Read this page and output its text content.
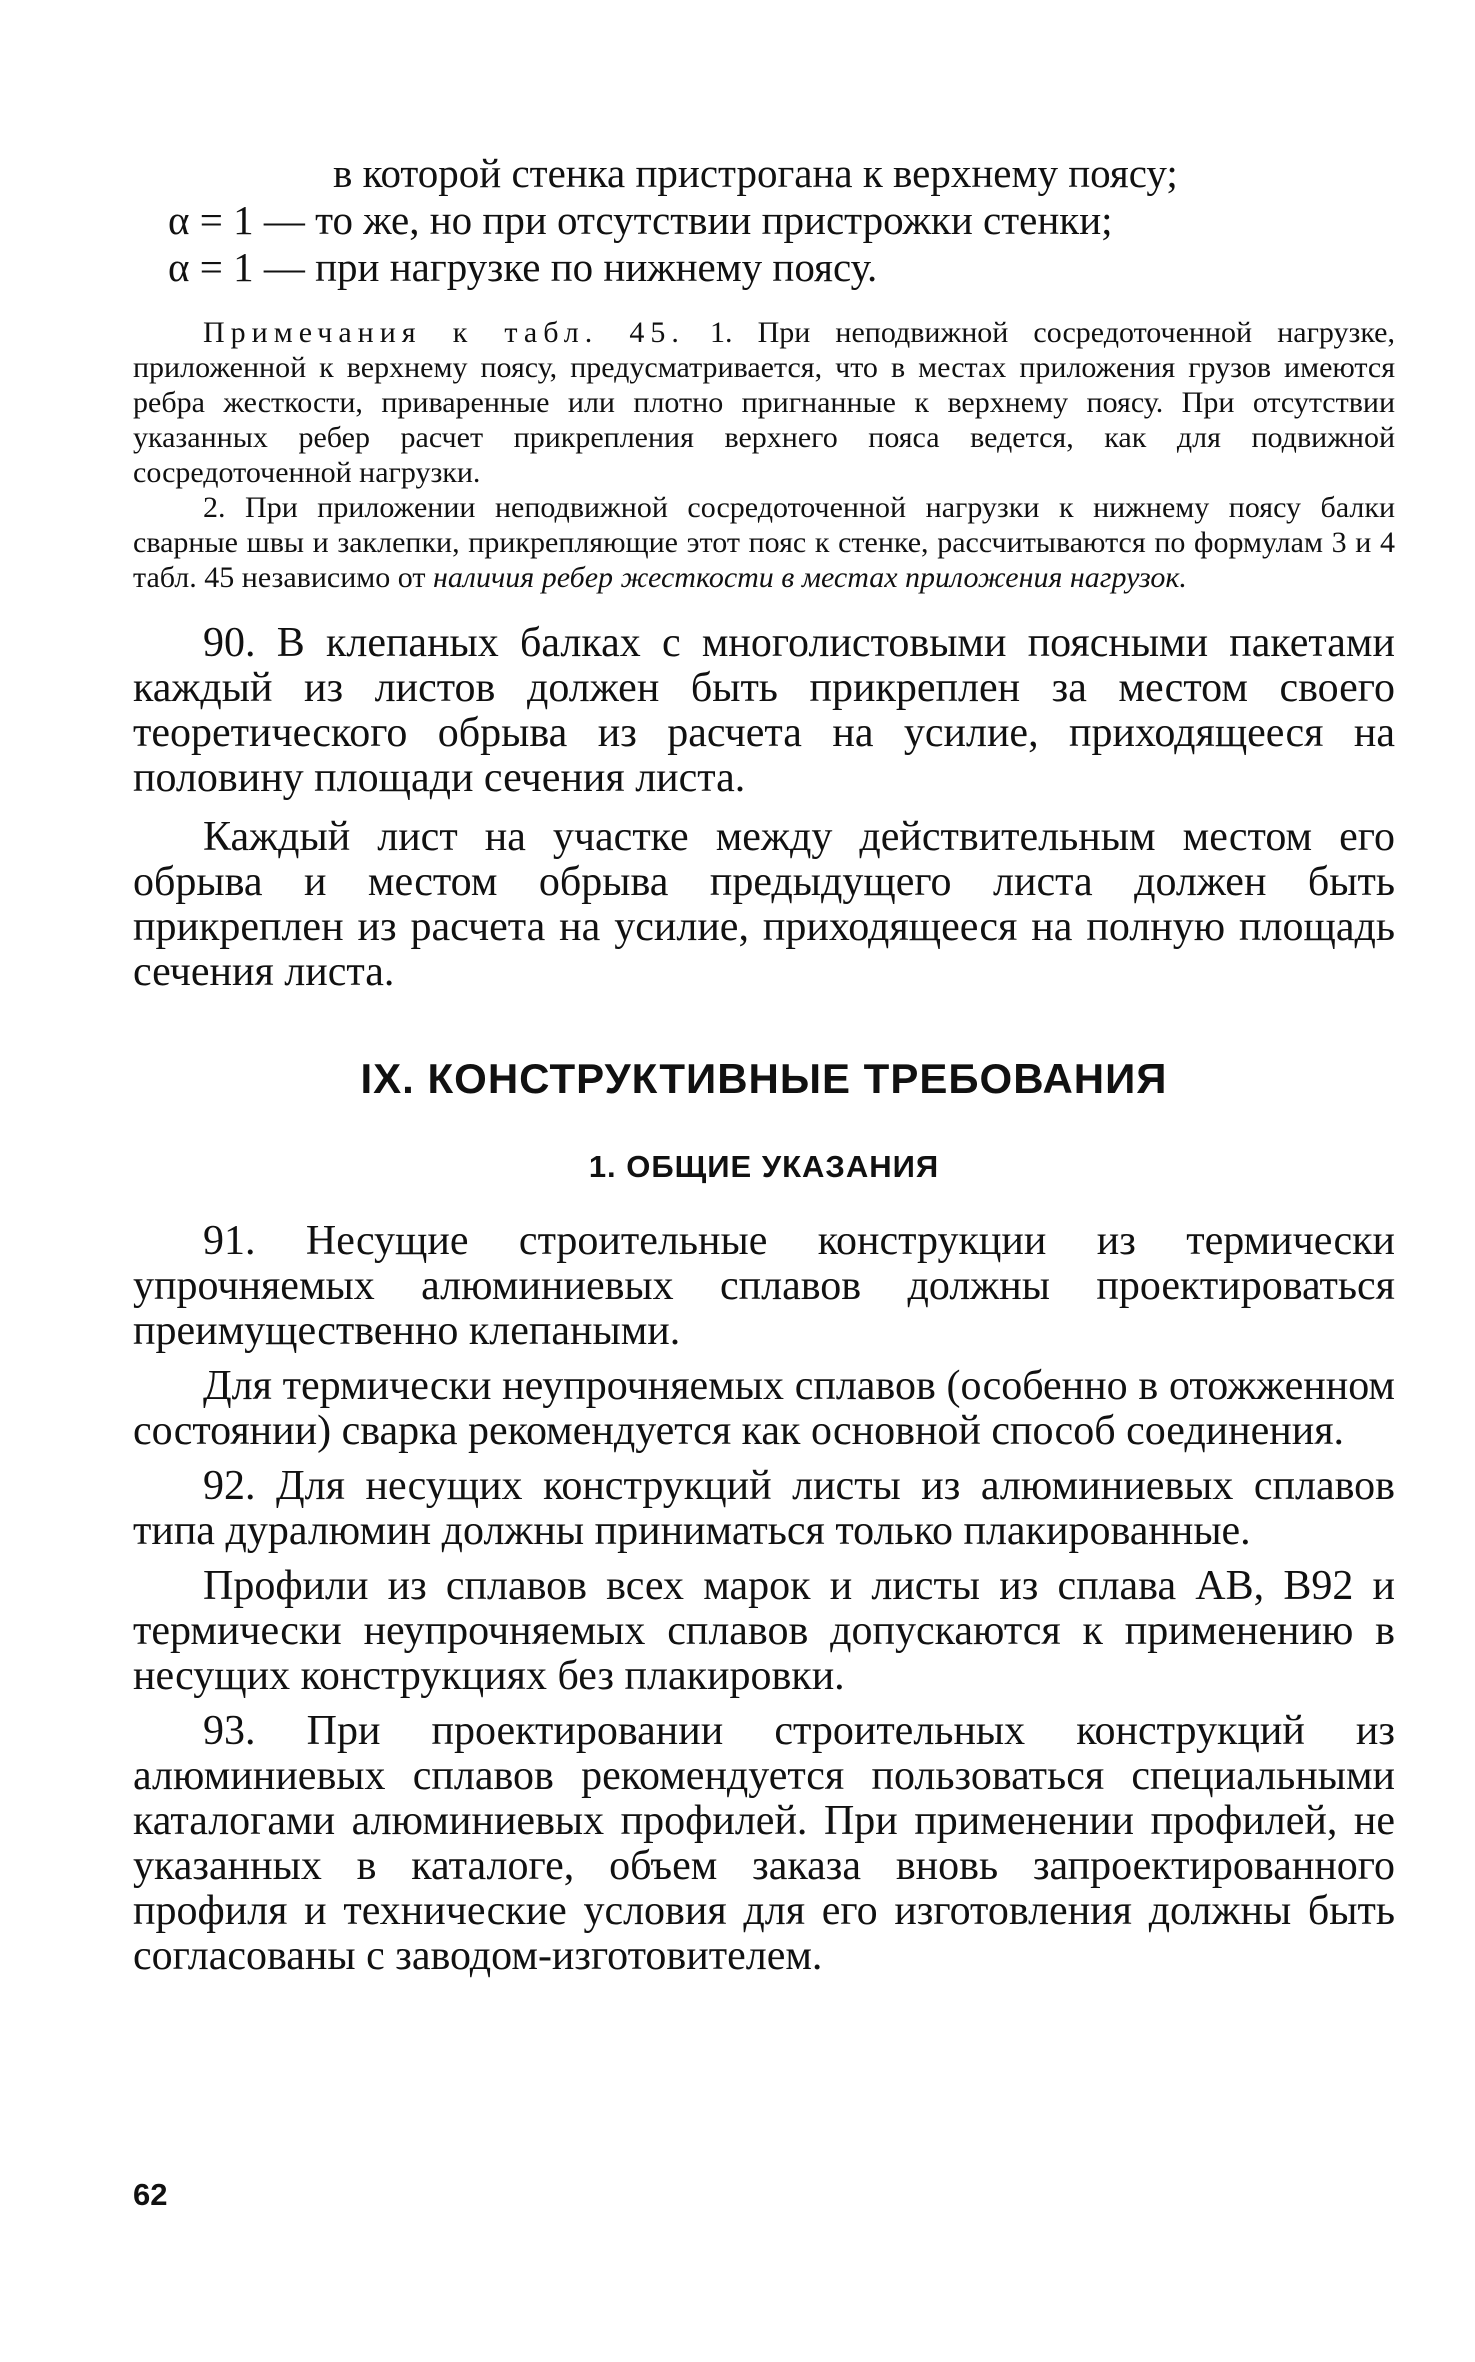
в которой стенка пристрогана к верхнему поясу;
α = 1 — то же, но при отсутствии пристрожки стенки;
α = 1 — при нагрузке по нижнему поясу.

Примечания к табл. 45. 1. При неподвижной сосредоточенной нагрузке, приложенной к верхнему поясу, предусматривается, что в местах приложения грузов имеются ребра жесткости, приваренные или плотно пригнанные к верхнему поясу. При отсутствии указанных ребер расчет прикрепления верхнего пояса ведется, как для подвижной сосредоточенной нагрузки.

2. При приложении неподвижной сосредоточенной нагрузки к нижнему поясу балки сварные швы и заклепки, прикрепляющие этот пояс к стенке, рассчитываются по формулам 3 и 4 табл. 45 независимо от наличия ребер жесткости в местах приложения нагрузок.

90. В клепаных балках с многолистовыми поясными пакетами каждый из листов должен быть прикреплен за местом своего теоретического обрыва из расчета на усилие, приходящееся на половину площади сечения листа.

Каждый лист на участке между действительным местом его обрыва и местом обрыва предыдущего листа должен быть прикреплен из расчета на усилие, приходящееся на полную площадь сечения листа.

IX. КОНСТРУКТИВНЫЕ ТРЕБОВАНИЯ
1. ОБЩИЕ УКАЗАНИЯ

91. Несущие строительные конструкции из термически упрочняемых алюминиевых сплавов должны проектироваться преимущественно клепаными.

Для термически неупрочняемых сплавов (особенно в отожженном состоянии) сварка рекомендуется как основной способ соединения.

92. Для несущих конструкций листы из алюминиевых сплавов типа дуралюмин должны приниматься только плакированные.

Профили из сплавов всех марок и листы из сплава АВ, В92 и термически неупрочняемых сплавов допускаются к применению в несущих конструкциях без плакировки.

93. При проектировании строительных конструкций из алюминиевых сплавов рекомендуется пользоваться специальными каталогами алюминиевых профилей. При применении профилей, не указанных в каталоге, объем заказа вновь запроектированного профиля и технические условия для его изготовления должны быть согласованы с заводом-изготовителем.

62
